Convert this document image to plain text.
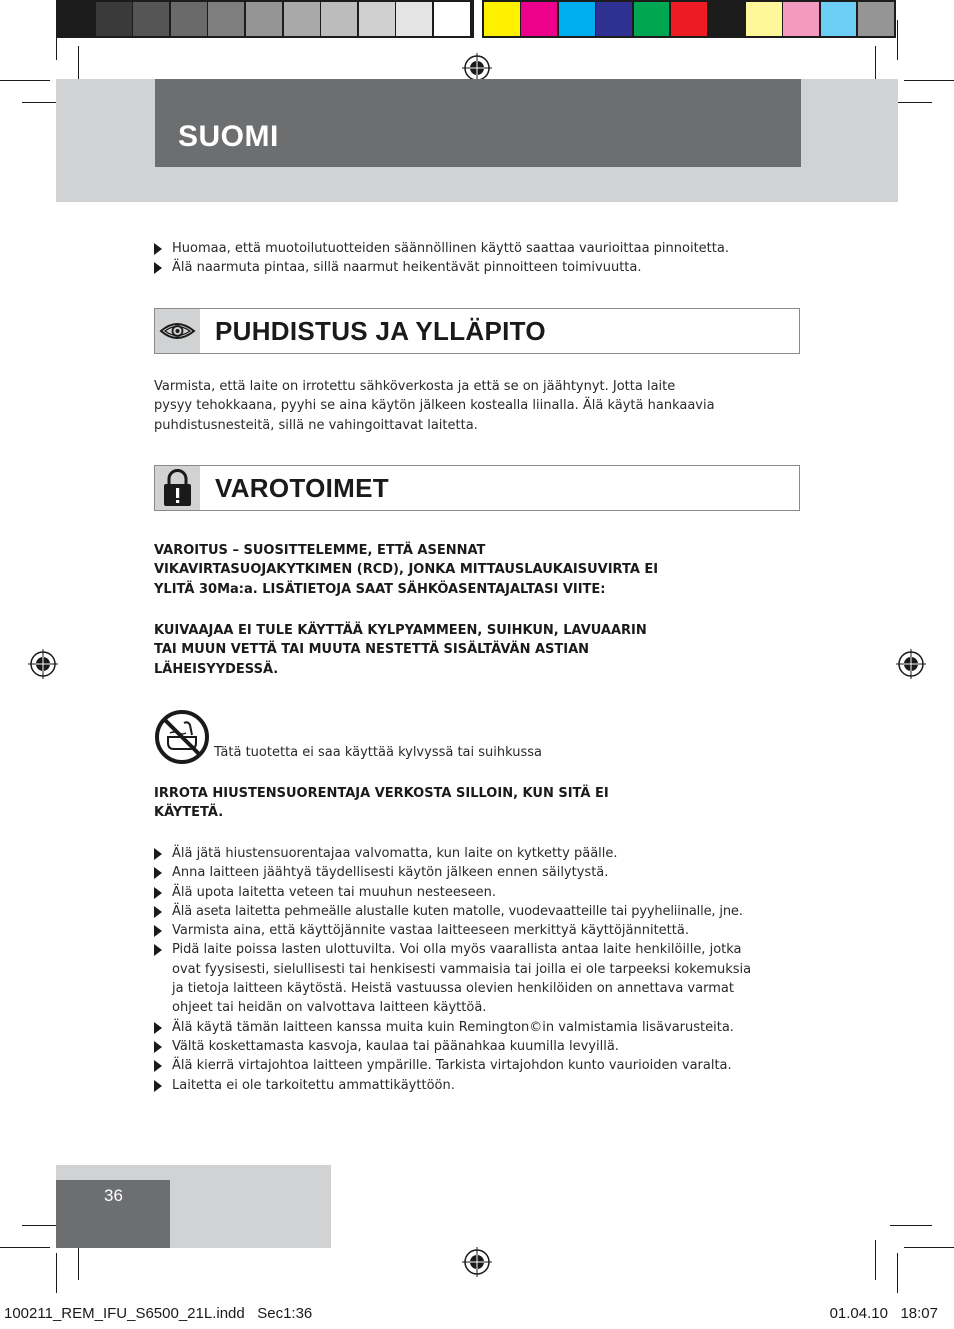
SUOMI
Huomaa, että muotoilutuotteiden säännöllinen käyttö saattaa vaurioittaa pinnoitetta.
Älä naarmuta pintaa, sillä naarmut heikentävät pinnoitteen toimivuutta.
PUHDISTUS JA YLLÄPITO
Varmista, että laite on irrotettu sähköverkosta ja että se on jäähtynyt. Jotta laite
pysyy tehokkaana, pyyhi se aina käytön jälkeen kostealla liinalla. Älä käytä hankaavia
puhdistusnesteitä, sillä ne vahingoittavat laitetta.
VAROTOIMET
VAROITUS – SUOSITTELEMME, ETTÄ ASENNAT
VIKAVIRTASUOJAKYTKIMEN (RCD), JONKA MITTAUSLAUKAISUVIRTA EI
YLITÄ 30Ma:a. LISÄTIETOJA SAAT SÄHKÖASENTAJALTASI VIITE:
KUIVAAJAA EI TULE KÄYTTÄÄ KYLPYAMMEEN, SUIHKUN, LAVUAARIN
TAI MUUN VETTÄ TAI MUUTA NESTETTÄ SISÄLTÄVÄN ASTIAN
LÄHEISYYDESSÄ.
Tätä tuotetta ei saa käyttää kylvyssä tai suihkussa
IRROTA HIUSTENSUORENTAJA VERKOSTA SILLOIN, KUN SITÄ EI
KÄYTETÄ.
Älä jätä hiustensuorentajaa valvomatta, kun laite on kytketty päälle.
Anna laitteen jäähtyä täydellisesti käytön jälkeen ennen säilytystä.
Älä upota laitetta veteen tai muuhun nesteeseen.
Älä aseta laitetta pehmeälle alustalle kuten matolle, vuodevaatteille tai pyyheliinalle, jne.
Varmista aina, että käyttöjännite vastaa laitteeseen merkittyä käyttöjännitettä.
Pidä laite poissa lasten ulottuvilta. Voi olla myös vaarallista antaa laite henkilöille, jotka
ovat fyysisesti, sielullisesti tai henkisesti vammaisia tai joilla ei ole tarpeeksi kokemuksia
ja tietoja laitteen käytöstä. Heistä vastuussa olevien henkilöiden on annettava varmat
ohjeet tai heidän on valvottava laitteen käyttöä.
Älä käytä tämän laitteen kanssa muita kuin Remington©in valmistamia lisävarusteita.
Vältä koskettamasta kasvoja, kaulaa tai päänahkaa kuumilla levyillä.
Älä kierrä virtajohtoa laitteen ympärille. Tarkista virtajohdon kunto vaurioiden varalta.
Laitetta ei ole tarkoitettu ammattikäyttöön.
36
100211_REM_IFU_S6500_21L.indd   Sec1:36	01.04.10   18:07
